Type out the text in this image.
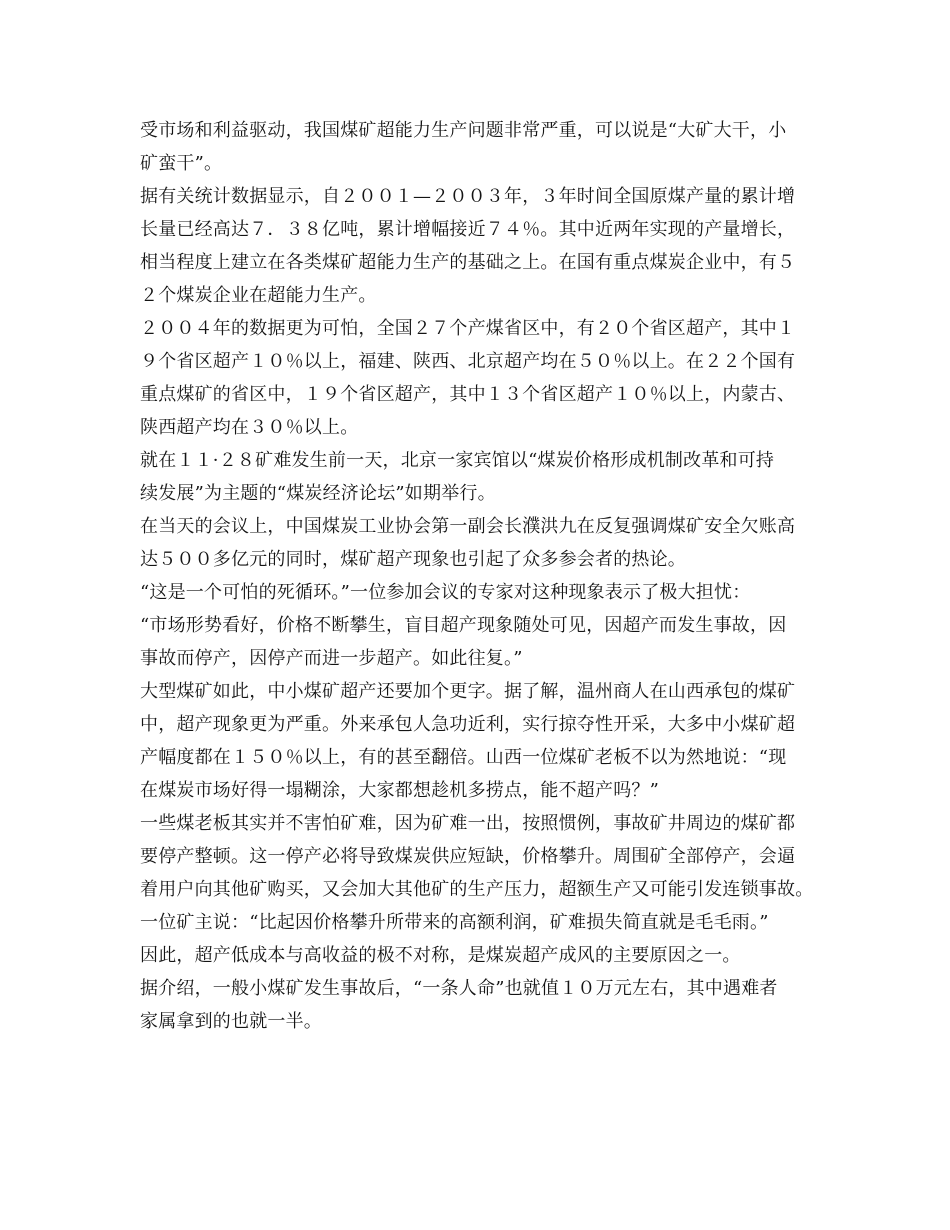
受市场和利益驱动，我国煤矿超能力生产问题非常严重，可以说是“大矿大干，小
矿蛮干”。
据有关统计数据显示，自２００１—２００３年，３年时间全国原煤产量的累计增
长量已经高达７．３８亿吨，累计增幅接近７４％。其中近两年实现的产量增长，
相当程度上建立在各类煤矿超能力生产的基础之上。在国有重点煤炭企业中，有５
２个煤炭企业在超能力生产。
２００４年的数据更为可怕，全国２７个产煤省区中，有２０个省区超产，其中１
９个省区超产１０％以上，福建、陕西、北京超产均在５０％以上。在２２个国有
重点煤矿的省区中，１９个省区超产，其中１３个省区超产１０％以上，内蒙古、
陕西超产均在３０％以上。
就在１１·２８矿难发生前一天，北京一家宾馆以“煤炭价格形成机制改革和可持
续发展”为主题的“煤炭经济论坛”如期举行。
在当天的会议上，中国煤炭工业协会第一副会长濮洪九在反复强调煤矿安全欠账高
达５００多亿元的同时，煤矿超产现象也引起了众多参会者的热论。
“这是一个可怕的死循环。”一位参加会议的专家对这种现象表示了极大担忧：
“市场形势看好，价格不断攀生，盲目超产现象随处可见，因超产而发生事故，因
事故而停产，因停产而进一步超产。如此往复。”
大型煤矿如此，中小煤矿超产还要加个更字。据了解，温州商人在山西承包的煤矿
中，超产现象更为严重。外来承包人急功近利，实行掠夺性开采，大多中小煤矿超
产幅度都在１５０％以上，有的甚至翻倍。山西一位煤矿老板不以为然地说：“现
在煤炭市场好得一塌糊涂，大家都想趁机多捞点，能不超产吗？”
一些煤老板其实并不害怕矿难，因为矿难一出，按照惯例，事故矿井周边的煤矿都
要停产整顿。这一停产必将导致煤炭供应短缺，价格攀升。周围矿全部停产，会逼
着用户向其他矿购买，又会加大其他矿的生产压力，超额生产又可能引发连锁事故。
一位矿主说：“比起因价格攀升所带来的高额利润，矿难损失简直就是毛毛雨。”
因此，超产低成本与高收益的极不对称，是煤炭超产成风的主要原因之一。
据介绍，一般小煤矿发生事故后，“一条人命”也就值１０万元左右，其中遇难者
家属拿到的也就一半。
